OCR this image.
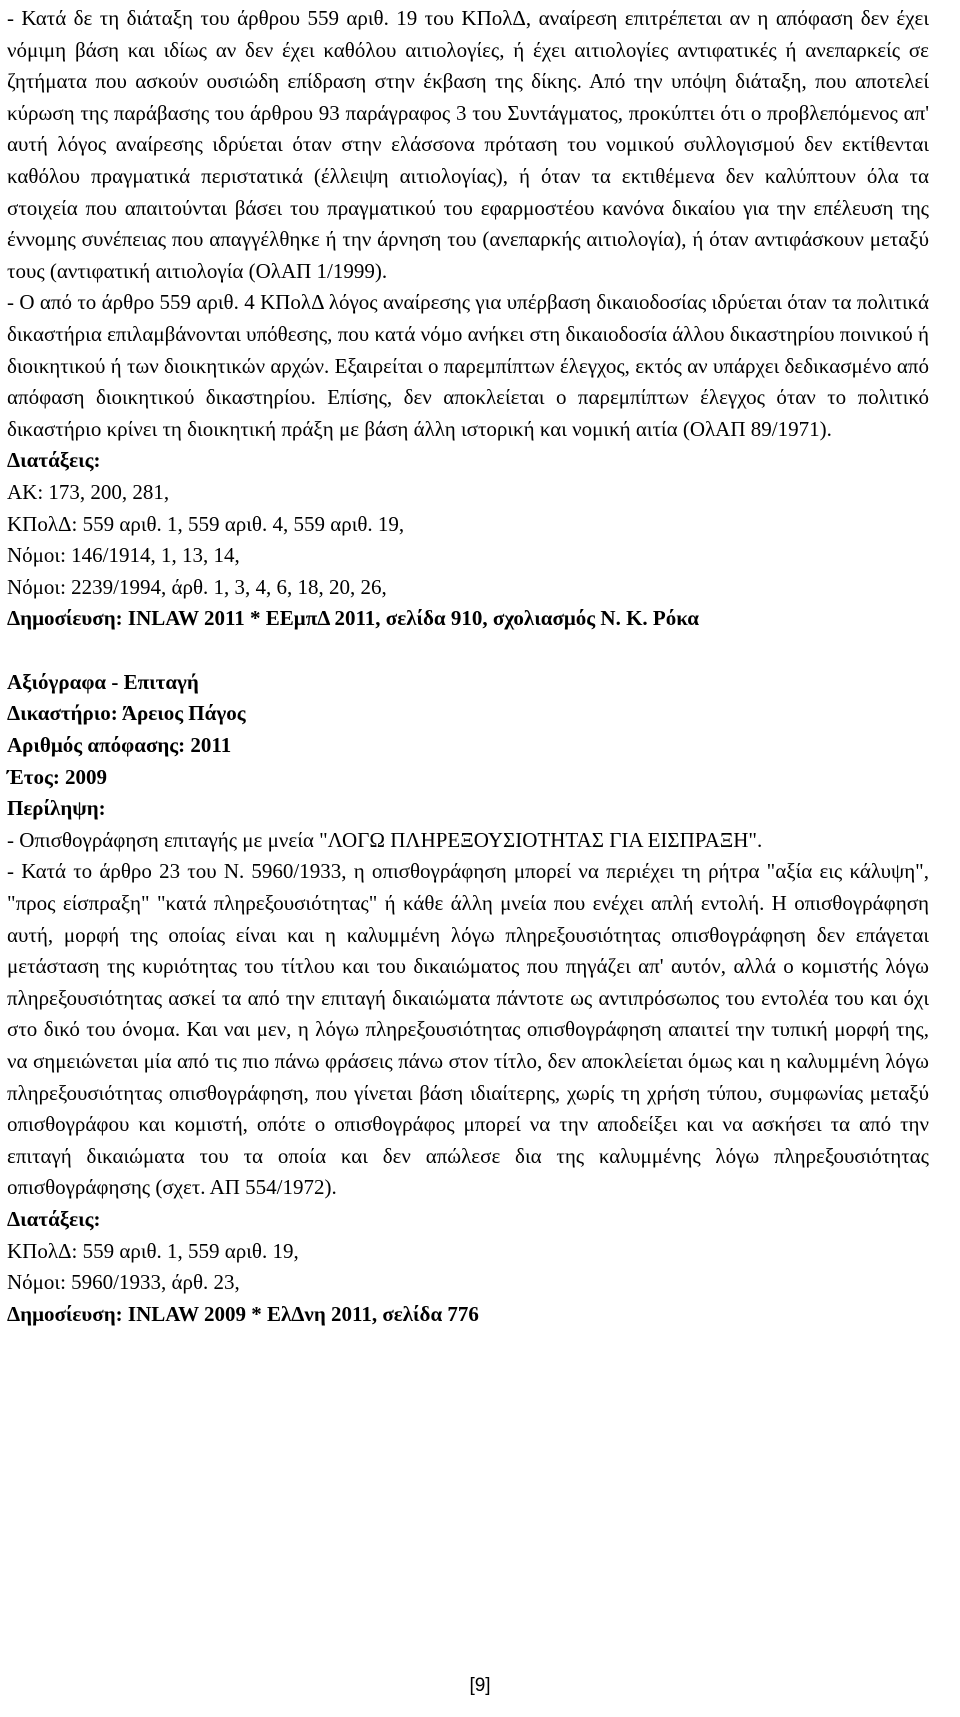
- Κατά δε τη διάταξη του άρθρου 559 αριθ. 19 του ΚΠολΔ, αναίρεση επιτρέπεται αν η απόφαση δεν έχει νόμιμη βάση και ιδίως αν δεν έχει καθόλου αιτιολογίες, ή έχει αιτιολογίες αντιφατικές ή ανεπαρκείς σε ζητήματα που ασκούν ουσιώδη επίδραση στην έκβαση της δίκης. Από την υπόψη διάταξη, που αποτελεί κύρωση της παράβασης του άρθρου 93 παράγραφος 3 του Συντάγματος, προκύπτει ότι ο προβλεπόμενος απ' αυτή λόγος αναίρεσης ιδρύεται όταν στην ελάσσονα πρόταση του νομικού συλλογισμού δεν εκτίθενται καθόλου πραγματικά περιστατικά (έλλειψη αιτιολογίας), ή όταν τα εκτιθέμενα δεν καλύπτουν όλα τα στοιχεία που απαιτούνται βάσει του πραγματικού του εφαρμοστέου κανόνα δικαίου για την επέλευση της έννομης συνέπειας που απαγγέλθηκε ή την άρνηση του (ανεπαρκής αιτιολογία), ή όταν αντιφάσκουν μεταξύ τους (αντιφατική αιτιολογία (ΟλΑΠ 1/1999).

- Ο από το άρθρο 559 αριθ. 4 ΚΠολΔ λόγος αναίρεσης για υπέρβαση δικαιοδοσίας ιδρύεται όταν τα πολιτικά δικαστήρια επιλαμβάνονται υπόθεσης, που κατά νόμο ανήκει στη δικαιοδοσία άλλου δικαστηρίου ποινικού ή διοικητικού ή των διοικητικών αρχών. Εξαιρείται ο παρεμπίπτων έλεγχος, εκτός αν υπάρχει δεδικασμένο από απόφαση διοικητικού δικαστηρίου. Επίσης, δεν αποκλείεται ο παρεμπίπτων έλεγχος όταν το πολιτικό δικαστήριο κρίνει τη διοικητική πράξη με βάση άλλη ιστορική και νομική αιτία (ΟλΑΠ 89/1971).

Διατάξεις:

ΑΚ: 173, 200, 281,

ΚΠολΔ: 559 αριθ. 1, 559 αριθ. 4, 559 αριθ. 19,

Νόμοι: 146/1914, 1, 13, 14,

Νόμοι: 2239/1994, άρθ. 1, 3, 4, 6, 18, 20, 26,

Δημοσίευση: INLAW 2011 * ΕΕμπΔ 2011, σελίδα 910, σχολιασμός Ν. Κ. Ρόκα

Αξιόγραφα - Επιταγή

Δικαστήριο: Άρειος Πάγος

Αριθμός απόφασης: 2011

Έτος: 2009

Περίληψη:

- Οπισθογράφηση επιταγής με μνεία "ΛΟΓΩ ΠΛΗΡΕΞΟΥΣΙΟΤΗΤΑΣ ΓΙΑ ΕΙΣΠΡΑΞΗ".

- Κατά το άρθρο 23 του Ν. 5960/1933, η οπισθογράφηση μπορεί να περιέχει τη ρήτρα "αξία εις κάλυψη", "προς είσπραξη" "κατά πληρεξουσιότητας" ή κάθε άλλη μνεία που ενέχει απλή εντολή. Η οπισθογράφηση αυτή, μορφή της οποίας είναι και η καλυμμένη λόγω πληρεξουσιότητας οπισθογράφηση δεν επάγεται μετάσταση της κυριότητας του τίτλου και του δικαιώματος που πηγάζει απ' αυτόν, αλλά ο κομιστής λόγω πληρεξουσιότητας ασκεί τα από την επιταγή δικαιώματα πάντοτε ως αντιπρόσωπος του εντολέα του και όχι στο δικό του όνομα. Και ναι μεν, η λόγω πληρεξουσιότητας οπισθογράφηση απαιτεί την τυπική μορφή της, να σημειώνεται μία από τις πιο πάνω φράσεις πάνω στον τίτλο, δεν αποκλείεται όμως και η καλυμμένη λόγω πληρεξουσιότητας οπισθογράφηση, που γίνεται βάση ιδιαίτερης, χωρίς τη χρήση τύπου, συμφωνίας μεταξύ οπισθογράφου και κομιστή, οπότε ο οπισθογράφος μπορεί να την αποδείξει και να ασκήσει τα από την επιταγή δικαιώματα του τα οποία και δεν απώλεσε δια της καλυμμένης λόγω πληρεξουσιότητας οπισθογράφησης (σχετ. ΑΠ 554/1972).

Διατάξεις:

ΚΠολΔ: 559 αριθ. 1, 559 αριθ. 19,

Νόμοι: 5960/1933, άρθ. 23,

Δημοσίευση: INLAW 2009 * ΕλΔνη 2011, σελίδα 776

[9]
